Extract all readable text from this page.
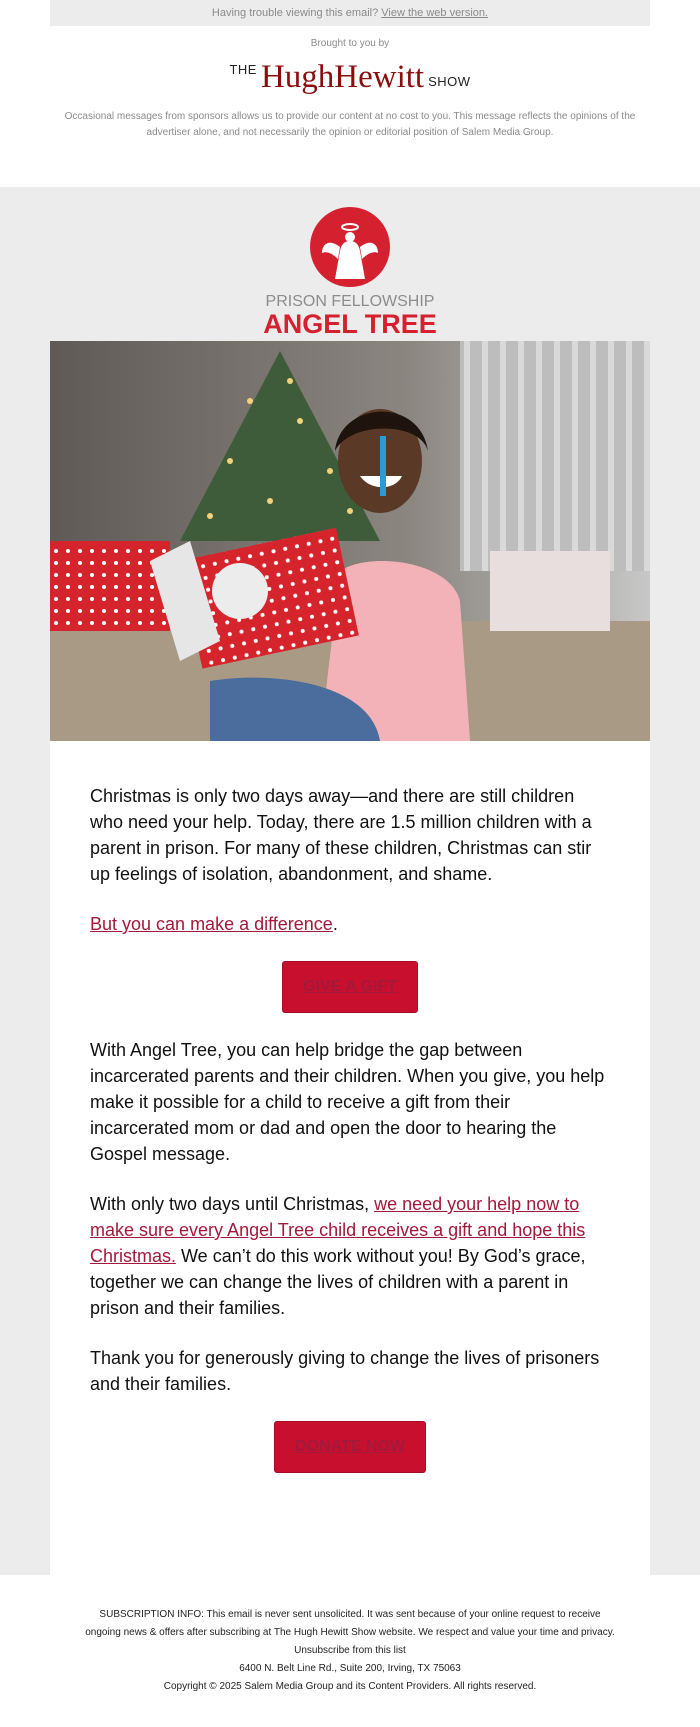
Having trouble viewing this email? View the web version.
Brought to you by
THE HughHewitt SHOW
Occasional messages from sponsors allows us to provide our content at no cost to you. This message reflects the opinions of the advertiser alone, and not necessarily the opinion or editorial position of Salem Media Group.
PRISON FELLOWSHIP
ANGEL TREE

Christmas is only two days away—and there are still children who need your help. Today, there are 1.5 million children with a parent in prison. For many of these children, Christmas can stir up feelings of isolation, abandonment, and shame.

But you can make a difference.

GIVE A GIFT

With Angel Tree, you can help bridge the gap between incarcerated parents and their children. When you give, you help make it possible for a child to receive a gift from their incarcerated mom or dad and open the door to hearing the Gospel message.

With only two days until Christmas, we need your help now to make sure every Angel Tree child receives a gift and hope this Christmas. We can’t do this work without you! By God’s grace, together we can change the lives of children with a parent in prison and their families.

Thank you for generously giving to change the lives of prisoners and their families.

DONATE NOW
SUBSCRIPTION INFO: This email is never sent unsolicited. It was sent because of your online request to receive ongoing news & offers after subscribing at The Hugh Hewitt Show website. We respect and value your time and privacy.
Unsubscribe from this list
6400 N. Belt Line Rd., Suite 200, Irving, TX 75063
Copyright © 2025 Salem Media Group and its Content Providers. All rights reserved.
